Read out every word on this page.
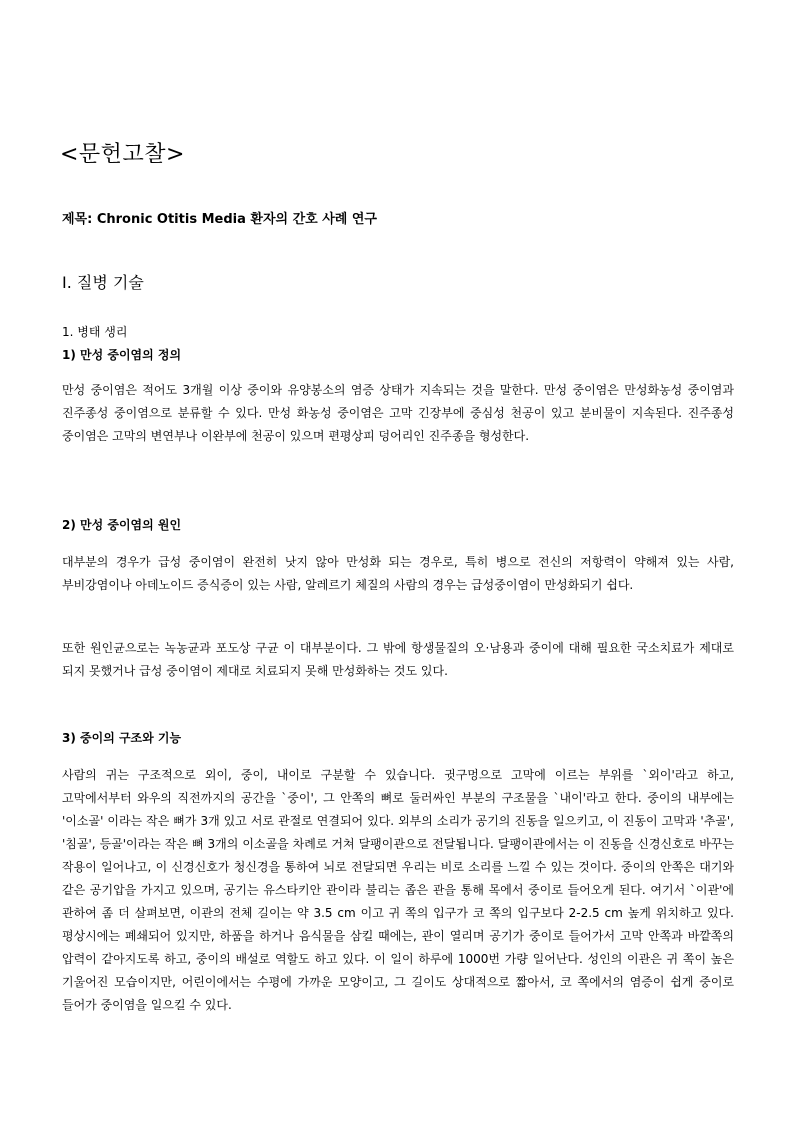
<문헌고찰>
제목: Chronic Otitis Media 환자의 간호 사례 연구
Ⅰ. 질병 기술
1. 병태 생리
1) 만성 중이염의 정의

만성 중이염은 적어도 3개월 이상 중이와 유양봉소의 염증 상태가 지속되는 것을 말한다. 만성 중이염은 만성화농성 중이염과 진주종성 중이염으로 분류할 수 있다. 만성 화농성 중이염은 고막 긴장부에 중심성 천공이 있고 분비물이 지속된다. 진주종성 중이염은 고막의 변연부나 이완부에 천공이 있으며 편평상피 덩어리인 진주종을 형성한다.

2) 만성 중이염의 원인

대부분의 경우가 급성 중이염이 완전히 낫지 않아 만성화 되는 경우로, 특히 병으로 전신의 저항력이 약해져 있는 사람, 부비강염이나 아데노이드 증식증이 있는 사람, 알레르기 체질의 사람의 경우는 급성중이염이 만성화되기 쉽다.

또한 원인균으로는 녹농균과 포도상 구균 이 대부분이다. 그 밖에 항생물질의 오·남용과 중이에 대해 필요한 국소치료가 제대로 되지 못했거나 급성 중이염이 제대로 치료되지 못해 만성화하는 것도 있다.

3) 중이의 구조와 기능

사람의 귀는 구조적으로 외이, 중이, 내이로 구분할 수 있습니다. 귓구멍으로 고막에 이르는 부위를 `외이'라고 하고, 고막에서부터 와우의 직전까지의 공간을 `중이', 그 안쪽의 뼈로 둘러싸인 부분의 구조물을 `내이'라고 한다. 중이의 내부에는 '이소골' 이라는 작은 뼈가 3개 있고 서로 관절로 연결되어 있다. 외부의 소리가 공기의 진동을 일으키고, 이 진동이 고막과 '추골', '침골', 등골'이라는 작은 뼈 3개의 이소골을 차례로 거쳐 달팽이관으로 전달됩니다. 달팽이관에서는 이 진동을 신경신호로 바꾸는 작용이 일어나고, 이 신경신호가 청신경을 통하여 뇌로 전달되면 우리는 비로 소리를 느낄 수 있는 것이다. 중이의 안쪽은 대기와 같은 공기압을 가지고 있으며, 공기는 유스타키안 관이라 불리는 좁은 관을 통해 목에서 중이로 들어오게 된다. 여기서 `이관'에 관하여 좀 더 살펴보면, 이관의 전체 길이는 약 3.5 cm 이고 귀 쪽의 입구가 코 쪽의 입구보다 2-2.5 cm 높게 위치하고 있다. 평상시에는 폐쇄되어 있지만, 하품을 하거나 음식물을 삼킬 때에는, 관이 열리며 공기가 중이로 들어가서 고막 안쪽과 바깥쪽의 압력이 같아지도록 하고, 중이의 배설로 역할도 하고 있다. 이 일이 하루에 1000번 가량 일어난다. 성인의 이관은 귀 쪽이 높은 기울어진 모습이지만, 어린이에서는 수평에 가까운 모양이고, 그 길이도 상대적으로 짧아서, 코 쪽에서의 염증이 쉽게 중이로 들어가 중이염을 일으킬 수 있다.
